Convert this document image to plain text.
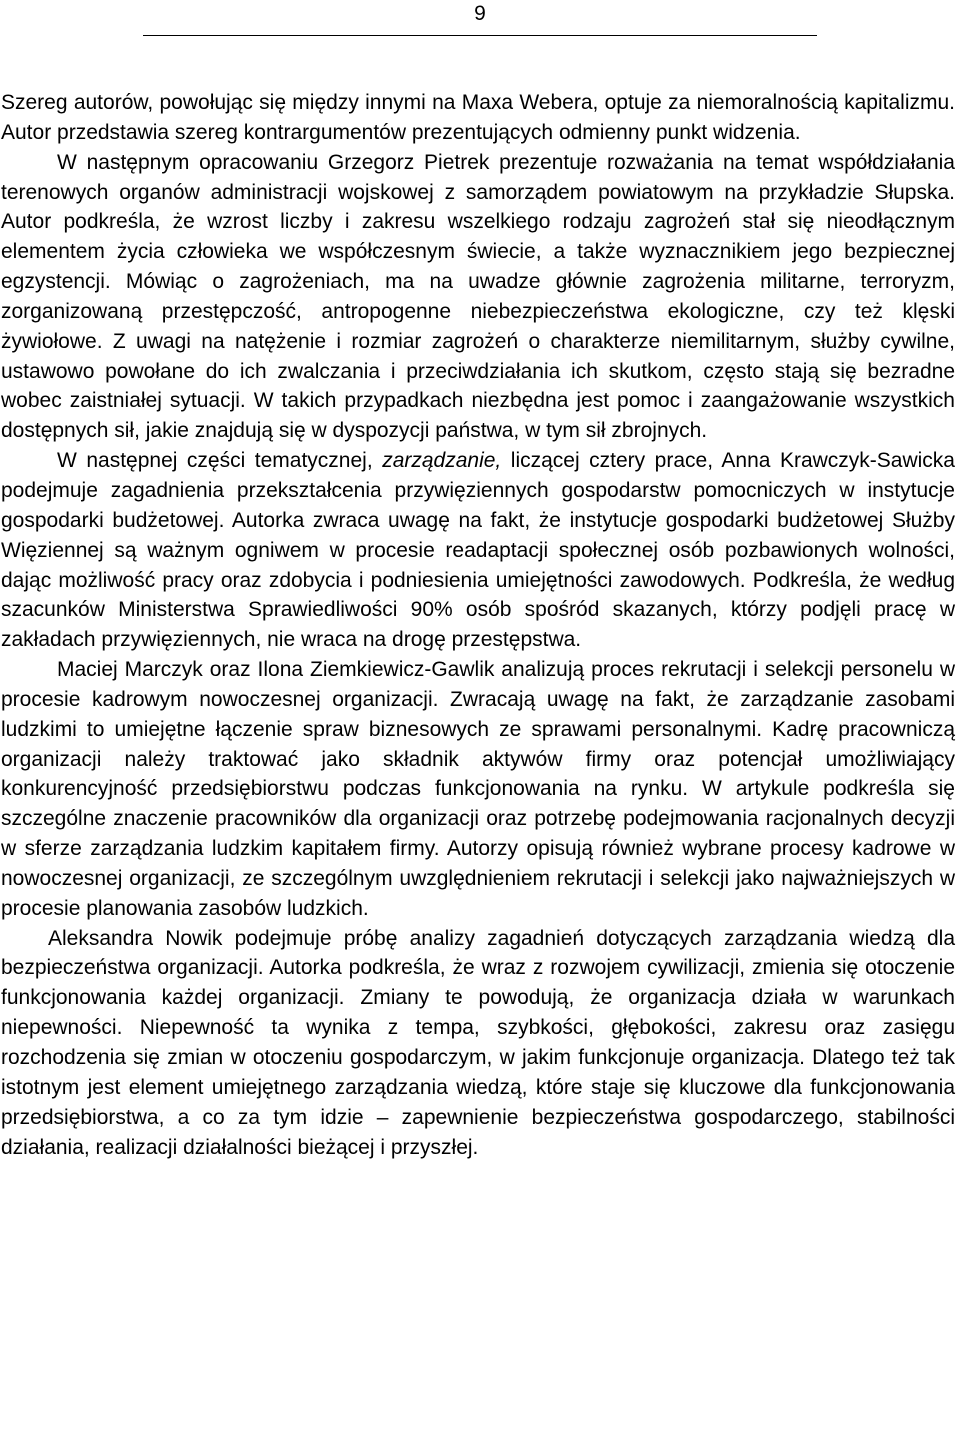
9

Szereg autorów, powołując się między innymi na Maxa Webera, optuje za niemoralnością kapitalizmu. Autor przedstawia szereg kontrargumentów prezentujących odmienny punkt widzenia.

W następnym opracowaniu Grzegorz Pietrek prezentuje rozważania na temat współdziałania terenowych organów administracji wojskowej z samorządem powiatowym na przykładzie Słupska. Autor podkreśla, że wzrost liczby i zakresu wszelkiego rodzaju zagrożeń stał się nieodłącznym elementem życia człowieka we współczesnym świecie, a także wyznacznikiem jego bezpiecznej egzystencji. Mówiąc o zagrożeniach, ma na uwadze głównie zagrożenia militarne, terroryzm, zorganizowaną przestępczość, antropogenne niebezpieczeństwa ekologiczne, czy też klęski żywiołowe. Z uwagi na natężenie i rozmiar zagrożeń o charakterze niemilitarnym, służby cywilne, ustawowo powołane do ich zwalczania i przeciwdziałania ich skutkom, często stają się bezradne wobec zaistniałej sytuacji. W takich przypadkach niezbędna jest pomoc i zaangażowanie wszystkich dostępnych sił, jakie znajdują się w dyspozycji państwa, w tym sił zbrojnych.

W następnej części tematycznej, zarządzanie, liczącej cztery prace, Anna Krawczyk-Sawicka podejmuje zagadnienia przekształcenia przywięziennych gospodarstw pomocniczych w instytucje gospodarki budżetowej. Autorka zwraca uwagę na fakt, że instytucje gospodarki budżetowej Służby Więziennej są ważnym ogniwem w procesie readaptacji społecznej osób pozbawionych wolności, dając możliwość pracy oraz zdobycia i podniesienia umiejętności zawodowych. Podkreśla, że według szacunków Ministerstwa Sprawiedliwości 90% osób spośród skazanych, którzy podjęli pracę w zakładach przywięziennych, nie wraca na drogę przestępstwa.

Maciej Marczyk oraz Ilona Ziemkiewicz-Gawlik analizują proces rekrutacji i selekcji personelu w procesie kadrowym nowoczesnej organizacji. Zwracają uwagę na fakt, że zarządzanie zasobami ludzkimi to umiejętne łączenie spraw biznesowych ze sprawami personalnymi. Kadrę pracowniczą organizacji należy traktować jako składnik aktywów firmy oraz potencjał umożliwiający konkurencyjność przedsiębiorstwu podczas funkcjonowania na rynku. W artykule podkreśla się szczególne znaczenie pracowników dla organizacji oraz potrzebę podejmowania racjonalnych decyzji w sferze zarządzania ludzkim kapitałem firmy. Autorzy opisują również wybrane procesy kadrowe w nowoczesnej organizacji, ze szczególnym uwzględnieniem rekrutacji i selekcji jako najważniejszych w procesie planowania zasobów ludzkich.

Aleksandra Nowik podejmuje próbę analizy zagadnień dotyczących zarządzania wiedzą dla bezpieczeństwa organizacji. Autorka podkreśla, że wraz z rozwojem cywilizacji, zmienia się otoczenie funkcjonowania każdej organizacji. Zmiany te powodują, że organizacja działa w warunkach niepewności. Niepewność ta wynika z tempa, szybkości, głębokości, zakresu oraz zasięgu rozchodzenia się zmian w otoczeniu gospodarczym, w jakim funkcjonuje organizacja. Dlatego też tak istotnym jest element umiejętnego zarządzania wiedzą, które staje się kluczowe dla funkcjonowania przedsiębiorstwa, a co za tym idzie – zapewnienie bezpieczeństwa gospodarczego, stabilności działania, realizacji działalności bieżącej i przyszłej.
